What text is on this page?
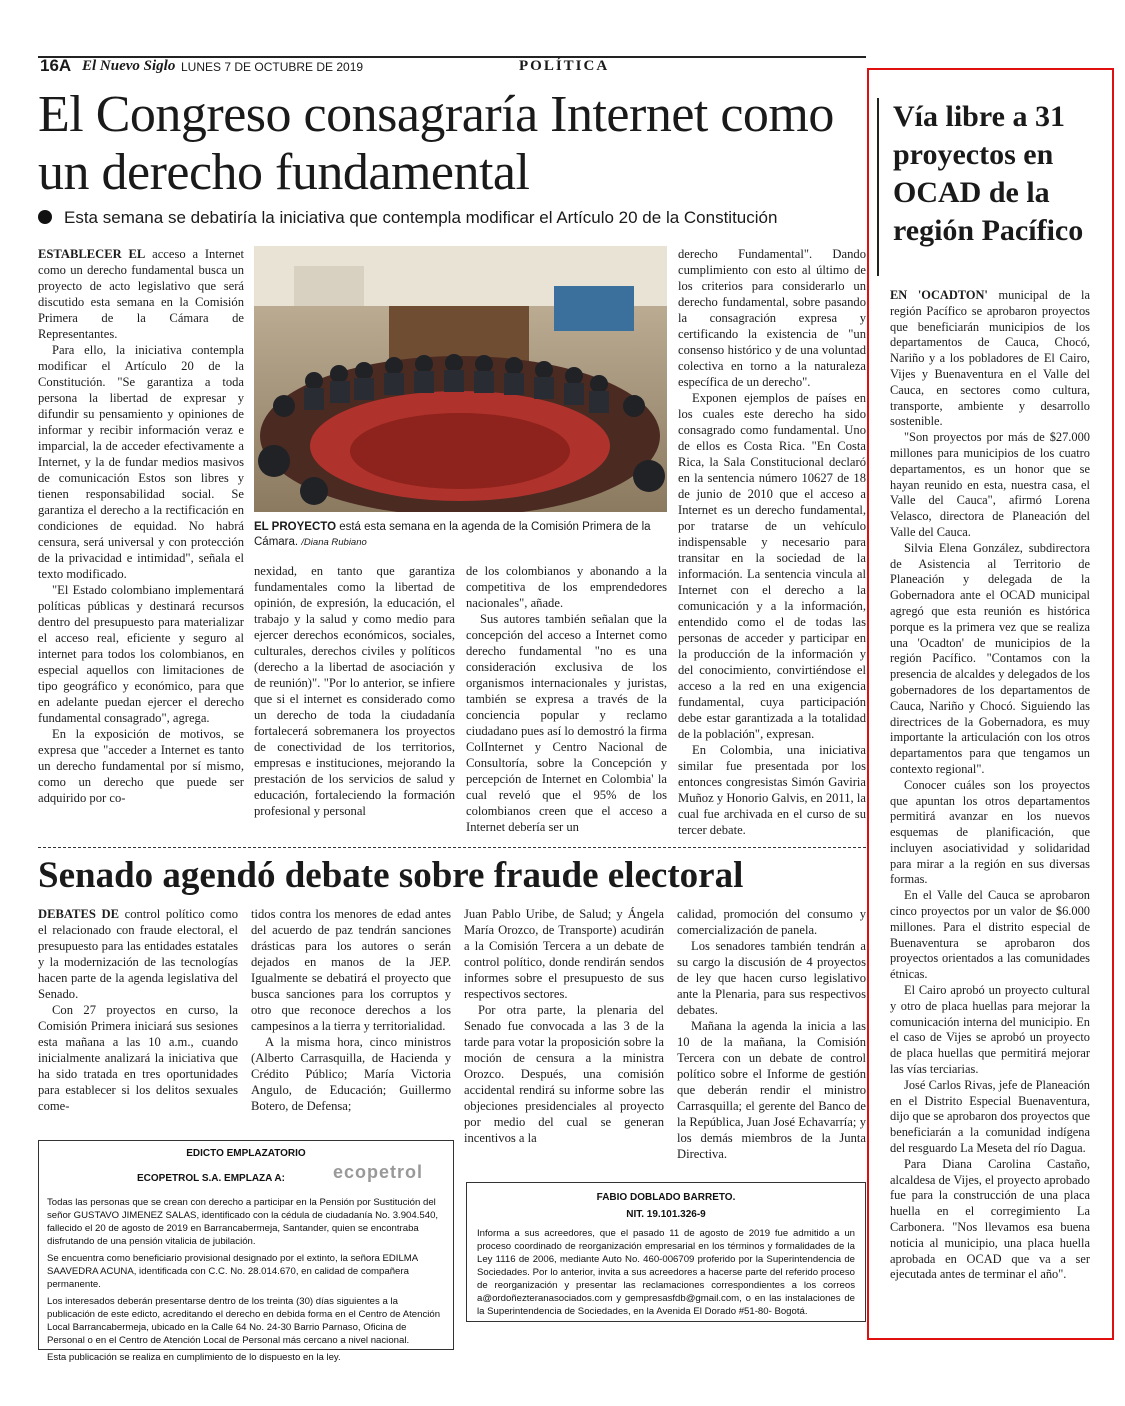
16A El Nuevo Siglo LUNES 7 DE OCTUBRE DE 2019	POLÍTICA
El Congreso consagraría Internet como un derecho fundamental
Esta semana se debatiría la iniciativa que contempla modificar el Artículo 20 de la Constitución

ESTABLECER EL acceso a Internet como un derecho fundamental busca un proyecto de acto legislativo que será discutido esta semana en la Comisión Primera de la Cámara de Representantes.

Para ello, la iniciativa contempla modificar el Artículo 20 de la Constitución. "Se garantiza a toda persona la libertad de expresar y difundir su pensamiento y opiniones de informar y recibir información veraz e imparcial, la de acceder efectivamente a Internet, y la de fundar medios masivos de comunicación Estos son libres y tienen responsabilidad social. Se garantiza el derecho a la rectificación en condiciones de equidad. No habrá censura, será universal y con protección de la privacidad e intimidad", señala el texto modificado.

"El Estado colombiano implementará políticas públicas y destinará recursos dentro del presupuesto para materializar el acceso real, eficiente y seguro al internet para todos los colombianos, en especial aquellos con limitaciones de tipo geográfico y económico, para que en adelante puedan ejercer el derecho fundamental consagrado", agrega.

En la exposición de motivos, se expresa que "acceder a Internet es tanto un derecho fundamental por sí mismo, como un derecho que puede ser adquirido por co-

EL PROYECTO está esta semana en la agenda de la Comisión Primera de la Cámara. /Diana Rubiano

nexidad, en tanto que garantiza fundamentales como la libertad de opinión, de expresión, la educación, el trabajo y la salud y como medio para ejercer derechos económicos, sociales, culturales, derechos civiles y políticos (derecho a la libertad de asociación y de reunión)". "Por lo anterior, se infiere que si el internet es considerado como un derecho de toda la ciudadanía fortalecerá sobremanera los proyectos de conectividad de los territorios, empresas e instituciones, mejorando la prestación de los servicios de salud y educación, fortaleciendo la formación profesional y personal

de los colombianos y abonando a la competitiva de los emprendedores nacionales", añade.

Sus autores también señalan que la concepción del acceso a Internet como derecho fundamental "no es una consideración exclusiva de los organismos internacionales y juristas, también se expresa a través de la conciencia popular y reclamo ciudadano pues así lo demostró la firma ColInternet y Centro Nacional de Consultoría, sobre la Concepción y percepción de Internet en Colombia' la cual reveló que el 95% de los colombianos creen que el acceso a Internet debería ser un

derecho Fundamental". Dando cumplimiento con esto al último de los criterios para considerarlo un derecho fundamental, sobre pasando la consagración expresa y certificando la existencia de "un consenso histórico y de una voluntad colectiva en torno a la naturaleza específica de un derecho".

Exponen ejemplos de países en los cuales este derecho ha sido consagrado como fundamental. Uno de ellos es Costa Rica. "En Costa Rica, la Sala Constitucional declaró en la sentencia número 10627 de 18 de junio de 2010 que el acceso a Internet es un derecho fundamental, por tratarse de un vehículo indispensable y necesario para transitar en la sociedad de la información. La sentencia vincula al Internet con el derecho a la comunicación y a la información, entendido como el de todas las personas de acceder y participar en la producción de la información y del conocimiento, convirtiéndose el acceso a la red en una exigencia fundamental, cuya participación debe estar garantizada a la totalidad de la población", expresan.

En Colombia, una iniciativa similar fue presentada por los entonces congresistas Simón Gaviria Muñoz y Honorio Galvis, en 2011, la cual fue archivada en el curso de su tercer debate.

Senado agendó debate sobre fraude electoral

DEBATES DE control político como el relacionado con fraude electoral, el presupuesto para las entidades estatales y la modernización de las tecnologías hacen parte de la agenda legislativa del Senado.

Con 27 proyectos en curso, la Comisión Primera iniciará sus sesiones esta mañana a las 10 a.m., cuando inicialmente analizará la iniciativa que ha sido tratada en tres oportunidades para establecer si los delitos sexuales come-

tidos contra los menores de edad antes del acuerdo de paz tendrán sanciones drásticas para los autores o serán dejados en manos de la JEP. Igualmente se debatirá el proyecto que busca sanciones para los corruptos y otro que reconoce derechos a los campesinos a la tierra y territorialidad.

A la misma hora, cinco ministros (Alberto Carrasquilla, de Hacienda y Crédito Público; María Victoria Angulo, de Educación; Guillermo Botero, de Defensa;

Juan Pablo Uribe, de Salud; y Ángela María Orozco, de Transporte) acudirán a la Comisión Tercera a un debate de control político, donde rendirán sendos informes sobre el presupuesto de sus respectivos sectores.

Por otra parte, la plenaria del Senado fue convocada a las 3 de la tarde para votar la proposición sobre la moción de censura a la ministra Orozco. Después, una comisión accidental rendirá su informe sobre las objeciones presidenciales al proyecto por medio del cual se generan incentivos a la

calidad, promoción del consumo y comercialización de panela.

Los senadores también tendrán a su cargo la discusión de 4 proyectos de ley que hacen curso legislativo ante la Plenaria, para sus respectivos debates.

Mañana la agenda la inicia a las 10 de la mañana, la Comisión Tercera con un debate de control político sobre el Informe de gestión que deberán rendir el ministro Carrasquilla; el gerente del Banco de la República, Juan José Echavarría; y los demás miembros de la Junta Directiva.

EDICTO EMPLAZATORIO
ECOPETROL S.A. EMPLAZA A:	ecopetrol

Todas las personas que se crean con derecho a participar en la Pensión por Sustitución del señor GUSTAVO JIMENEZ SALAS, identificado con la cédula de ciudadanía No. 3.904.540, fallecido el 20 de agosto de 2019 en Barrancabermeja, Santander, quien se encontraba disfrutando de una pensión vitalicia de jubilación.

Se encuentra como beneficiario provisional designado por el extinto, la señora EDILMA SAAVEDRA ACUNA, identificada con C.C. No. 28.014.670, en calidad de compañera permanente.

Los interesados deberán presentarse dentro de los treinta (30) días siguientes a la publicación de este edicto, acreditando el derecho en debida forma en el Centro de Atención Local Barrancabermeja, ubicado en la Calle 64 No. 24-30 Barrio Parnaso, Oficina de Personal o en el Centro de Atención Local de Personal más cercano a nivel nacional.

Esta publicación se realiza en cumplimiento de lo dispuesto en la ley.

FABIO DOBLADO BARRETO.
NIT. 19.101.326-9

Informa a sus acreedores, que el pasado 11 de agosto de 2019 fue admitido a un proceso coordinado de reorganización empresarial en los términos y formalidades de la Ley 1116 de 2006, mediante Auto No. 460-006709 proferido por la Superintendencia de Sociedades. Por lo anterior, invita a sus acreedores a hacerse parte del referido proceso de reorganización y presentar las reclamaciones correspondientes a los correos a@ordoñezteranasociados.com y gempresasfdb@gmail.com, o en las instalaciones de la Superintendencia de Sociedades, en la Avenida El Dorado #51-80- Bogotá.

Vía libre a 31 proyectos en OCAD de la región Pacífico

EN 'OCADTON' municipal de la región Pacífico se aprobaron proyectos que beneficiarán municipios de los departamentos de Cauca, Chocó, Nariño y a los pobladores de El Cairo, Vijes y Buenaventura en el Valle del Cauca, en sectores como cultura, transporte, ambiente y desarrollo sostenible.

"Son proyectos por más de $27.000 millones para municipios de los cuatro departamentos, es un honor que se hayan reunido en esta, nuestra casa, el Valle del Cauca", afirmó Lorena Velasco, directora de Planeación del Valle del Cauca.

Silvia Elena González, subdirectora de Asistencia al Territorio de Planeación y delegada de la Gobernadora ante el OCAD municipal agregó que esta reunión es histórica porque es la primera vez que se realiza una 'Ocadton' de municipios de la región Pacífico. "Contamos con la presencia de alcaldes y delegados de los gobernadores de los departamentos de Cauca, Nariño y Chocó. Siguiendo las directrices de la Gobernadora, es muy importante la articulación con los otros departamentos para que tengamos un contexto regional".

Conocer cuáles son los proyectos que apuntan los otros departamentos permitirá avanzar en los nuevos esquemas de planificación, que incluyen asociatividad y solidaridad para mirar a la región en sus diversas formas.

En el Valle del Cauca se aprobaron cinco proyectos por un valor de $6.000 millones. Para el distrito especial de Buenaventura se aprobaron dos proyectos orientados a las comunidades étnicas.

El Cairo aprobó un proyecto cultural y otro de placa huellas para mejorar la comunicación interna del municipio. En el caso de Vijes se aprobó un proyecto de placa huellas que permitirá mejorar las vías terciarias.

José Carlos Rivas, jefe de Planeación en el Distrito Especial Buenaventura, dijo que se aprobaron dos proyectos que beneficiarán a la comunidad indígena del resguardo La Meseta del río Dagua.

Para Diana Carolina Castaño, alcaldesa de Vijes, el proyecto aprobado fue para la construcción de una placa huella en el corregimiento La Carbonera. "Nos llevamos esa buena noticia al municipio, una placa huella aprobada en OCAD que va a ser ejecutada antes de terminar el año".
